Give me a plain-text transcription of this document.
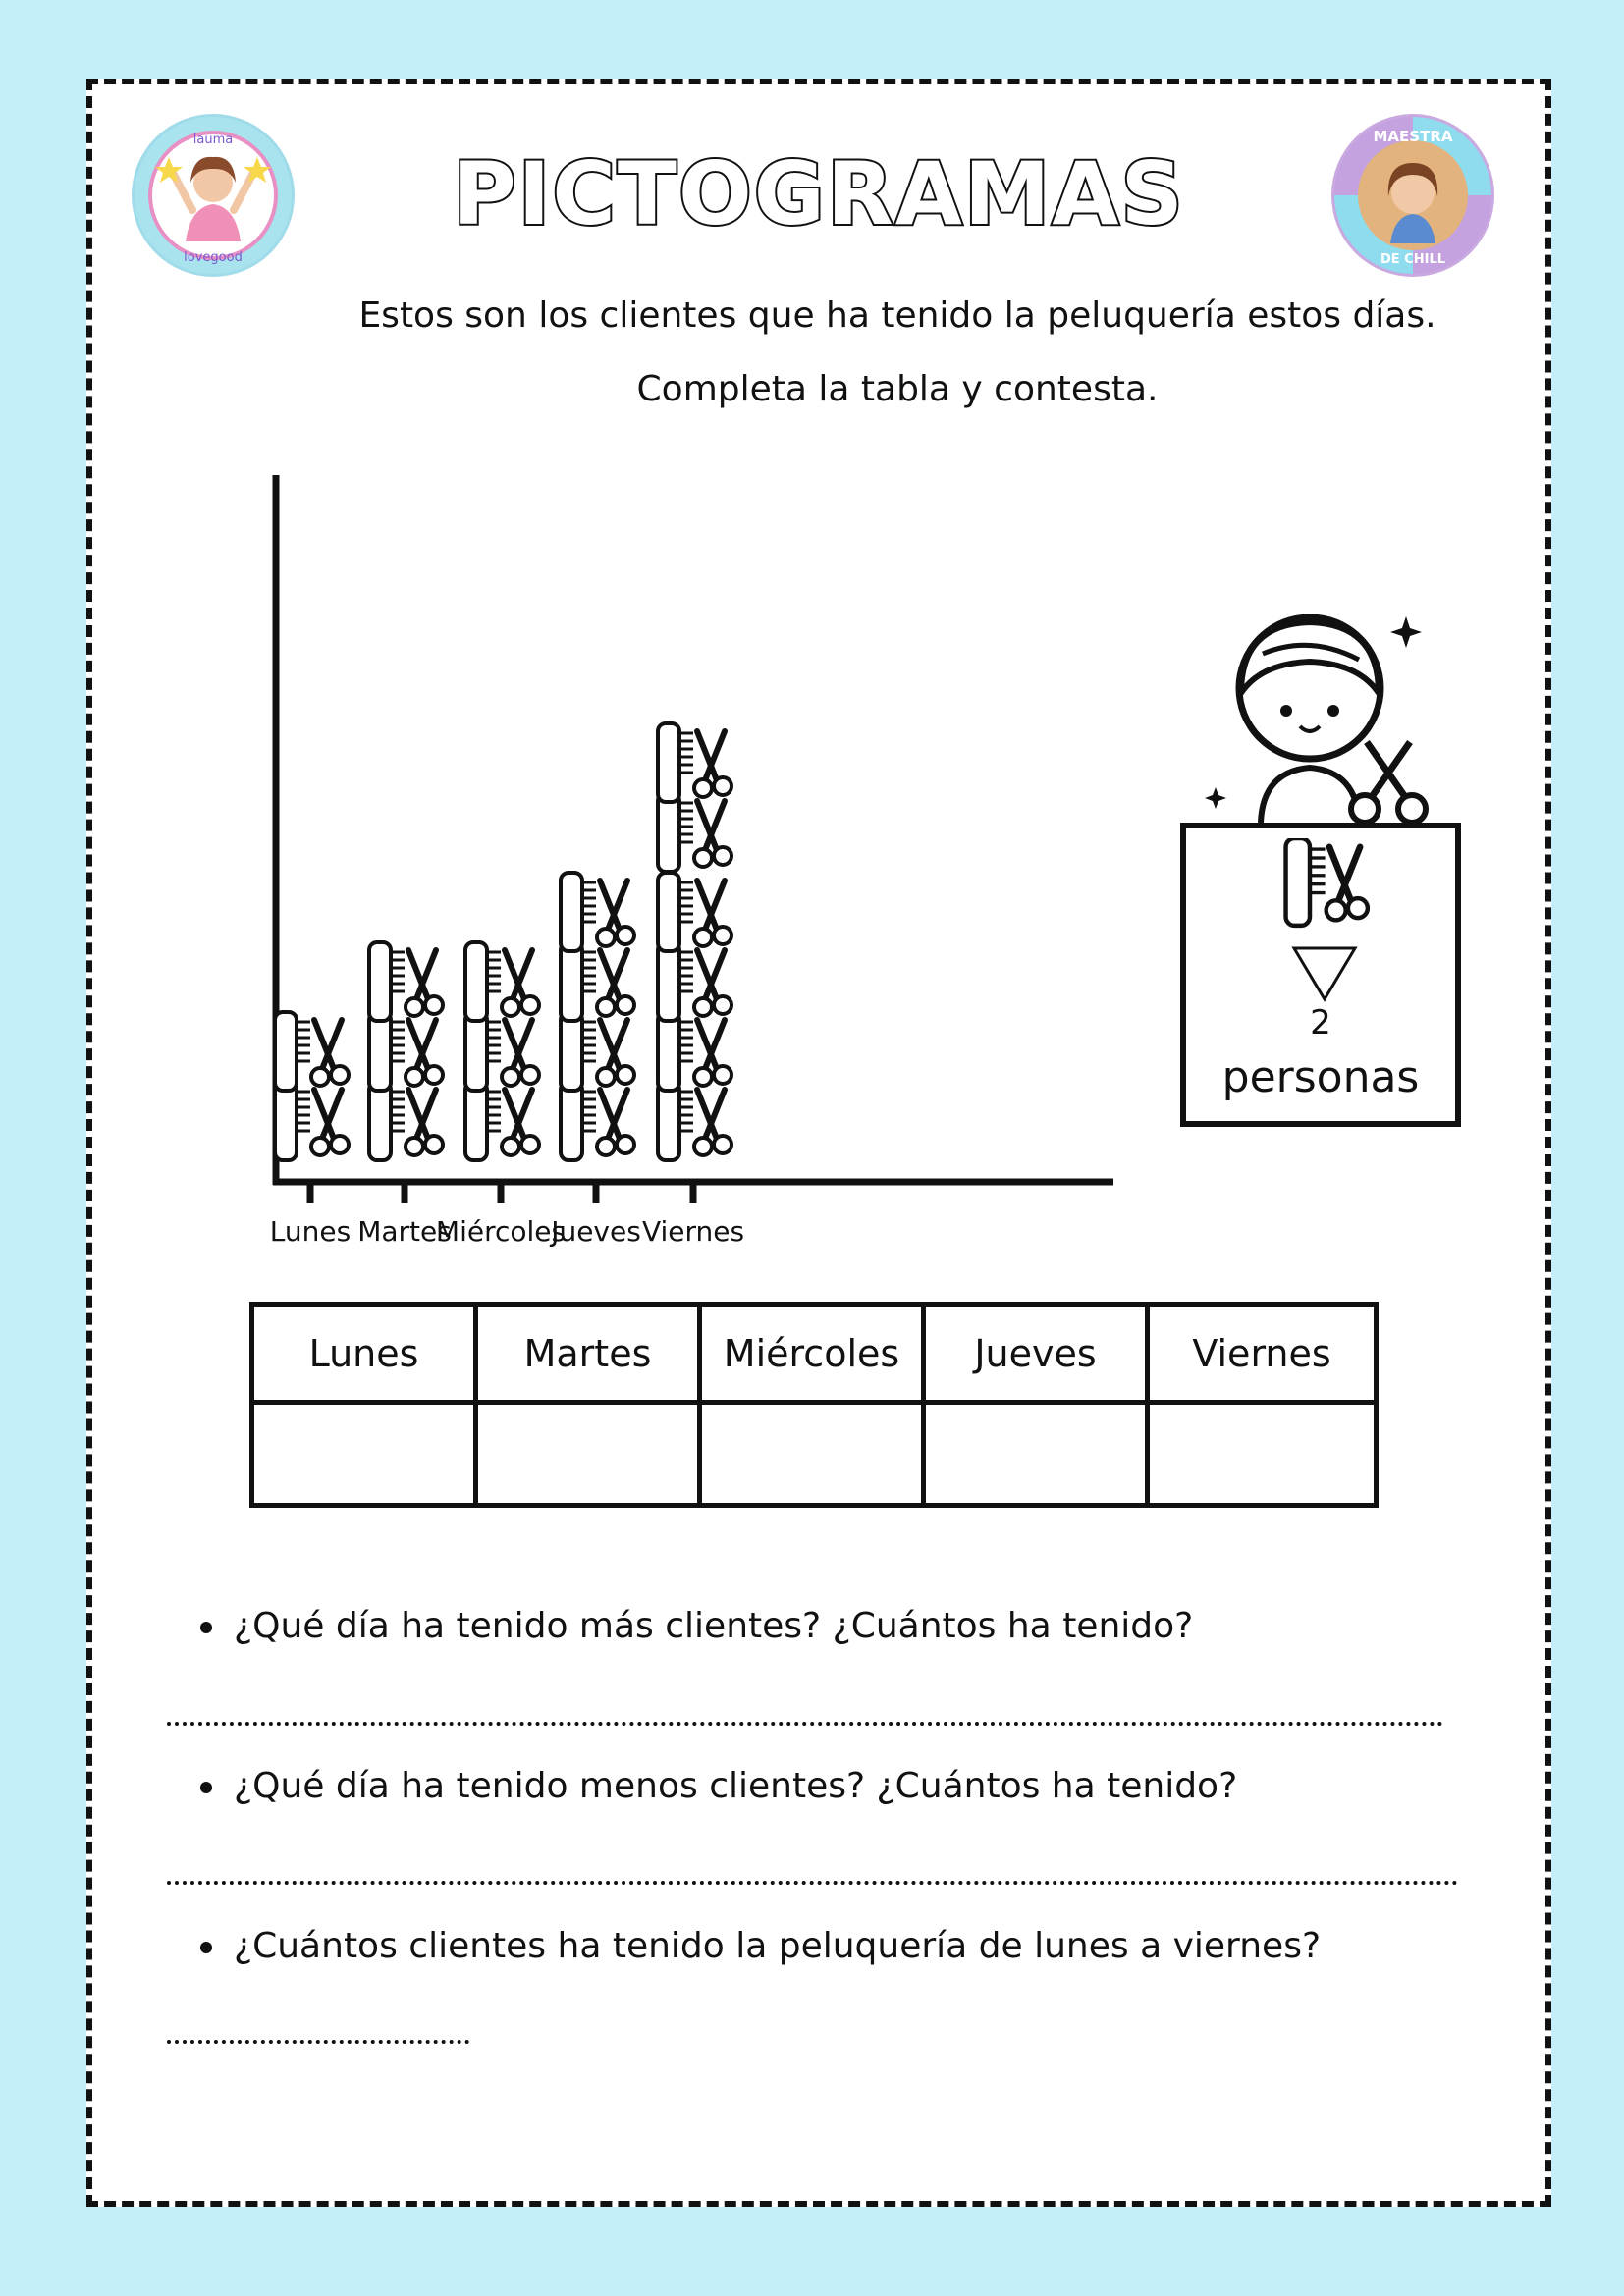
lauma
lovegood
MAESTRA
DE CHILL
PICTOGRAMAS
Estos son los clientes que ha tenido la peluquería estos días.
Completa la tabla y contesta.
Lunes Martes
Miércoles
Jueves Viernes
2
personas
Lunes	Martes	Miércoles	Jueves	Viernes
¿Qué día ha tenido más clientes? ¿Cuántos ha tenido?
¿Qué día ha tenido menos clientes? ¿Cuántos ha tenido?
¿Cuántos clientes ha tenido la peluquería de lunes a viernes?
